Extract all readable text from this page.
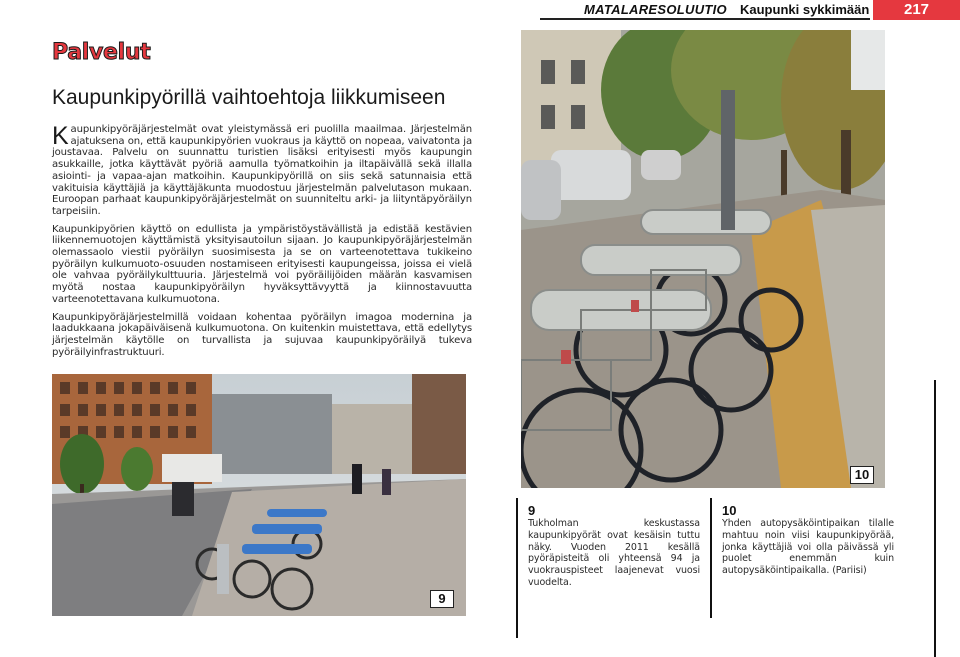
MATALARESOLUUTIO Kaupunki sykkimään	217
Palvelut
Kaupunkipyörillä vaihtoehtoja liikkumiseen

Kaupunkipyöräjärjestelmät ovat yleistymässä eri puolilla maailmaa. Järjestelmän ajatuksena on, että kaupunkipyörien vuokraus ja käyttö on nopeaa, vaivatonta ja joustavaa. Palvelu on suunnattu turistien lisäksi erityisesti myös kaupungin asukkaille, jotka käyttävät pyöriä aamulla työmatkoihin ja iltapäivällä sekä illalla asiointi- ja vapaa-ajan matkoihin. Kaupunkipyörillä on siis sekä satunnaisia että vakituisia käyttäjiä ja käyttäjäkunta muodostuu järjestelmän palvelutason mukaan. Euroopan parhaat kaupunkipyöräjärjestelmät on suunniteltu arki- ja liityntäpyöräilyn tarpeisiin.

Kaupunkipyörien käyttö on edullista ja ympäristöystävällistä ja edistää kestävien liikennemuotojen käyttämistä yksityisautoilun sijaan. Jo kaupunkipyöräjärjestelmän olemassaolo viestii pyöräilyn suosimisesta ja se on varteenotettava tukikeino pyöräilyn kulkumuoto-osuuden nostamiseen erityisesti kaupungeissa, joissa ei vielä ole vahvaa pyöräilykulttuuria. Järjestelmä voi pyöräilijöiden määrän kasvamisen myötä nostaa kaupunkipyöräilyn hyväksyttävyyttä ja kiinnostavuutta varteenotettavana kulkumuotona.

Kaupunkipyöräjärjestelmillä voidaan kohentaa pyöräilyn imagoa modernina ja laadukkaana jokapäiväisenä kulkumuotona. On kuitenkin muistettava, että edellytys järjestelmän käytölle on turvallista ja sujuvaa kaupunkipyöräilyä tukeva pyöräilyinfrastruktuuri.

9
10
9
Tukholman keskustassa kaupunkipyörät ovat kesäisin tuttu näky. Vuoden 2011 kesällä pyöräpisteitä oli yhteensä 94 ja vuokrauspisteet laajenevat vuosi vuodelta.
10
Yhden autopysäköintipaikan tilalle mahtuu noin viisi kaupunkipyörää, jonka käyttäjiä voi olla päivässä yli puolet enemmän kuin autopysäköintipaikalla. (Pariisi)
